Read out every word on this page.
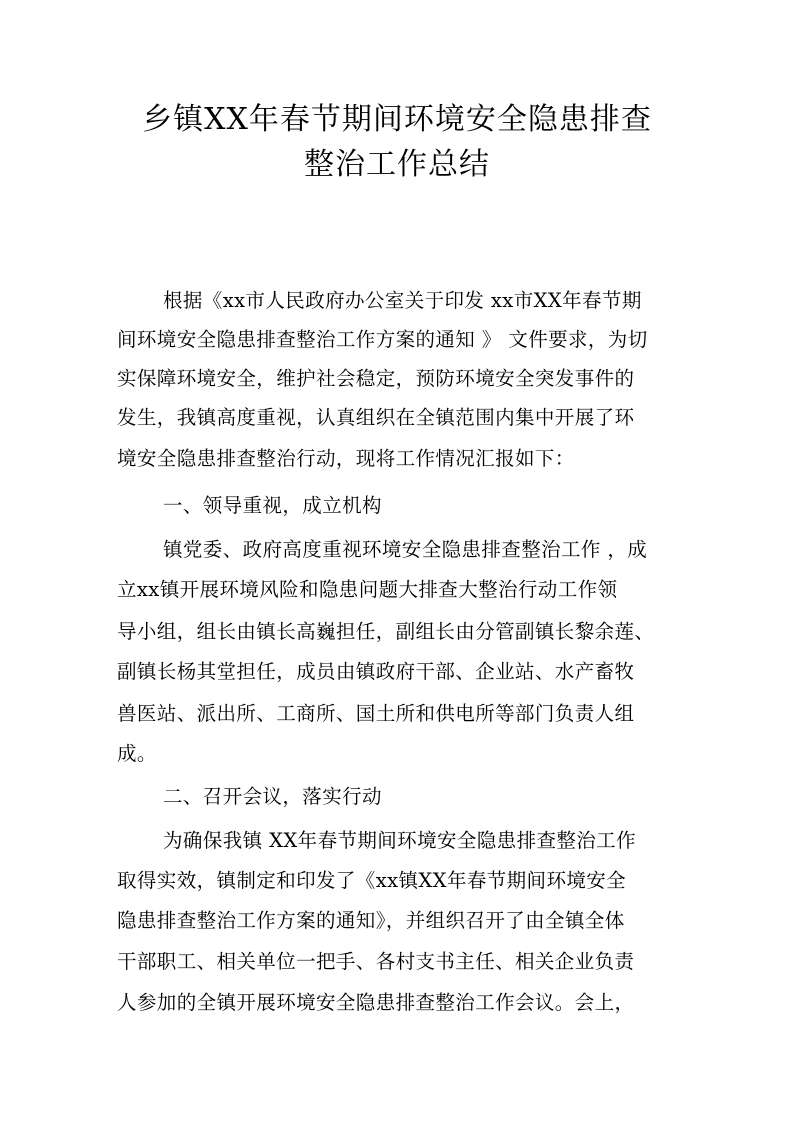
乡镇XX年春节期间环境安全隐患排查
整治工作总结
根据《xx市人民政府办公室关于印发 xx市XX年春节期
间环境安全隐患排查整治工作方案的通知 》 文件要求，为切
实保障环境安全，维护社会稳定，预防环境安全突发事件的
发生，我镇高度重视，认真组织在全镇范围内集中开展了环
境安全隐患排查整治行动，现将工作情况汇报如下：
一、领导重视，成立机构
镇党委、政府高度重视环境安全隐患排查整治工作 ，成
立xx镇开展环境风险和隐患问题大排查大整治行动工作领
导小组，组长由镇长高巍担任，副组长由分管副镇长黎余莲、
副镇长杨其堂担任，成员由镇政府干部、企业站、水产畜牧
兽医站、派出所、工商所、国土所和供电所等部门负责人组
成。
二、召开会议，落实行动
为确保我镇 XX年春节期间环境安全隐患排查整治工作
取得实效，镇制定和印发了《xx镇XX年春节期间环境安全
隐患排查整治工作方案的通知》，并组织召开了由全镇全体
干部职工、相关单位一把手、各村支书主任、相关企业负责
人参加的全镇开展环境安全隐患排查整治工作会议。会上，
